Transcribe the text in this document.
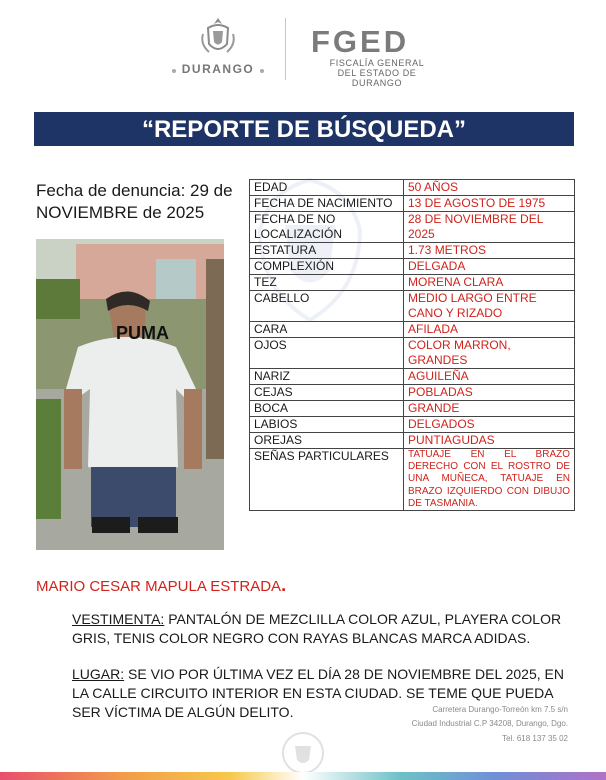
DURANGO
FGED
FISCALÍA GENERAL
DEL ESTADO DE DURANGO
“REPORTE DE BÚSQUEDA”
Fecha de denuncia: 29 de NOVIEMBRE de 2025
PUMA
EDAD	50 AÑOS
FECHA DE NACIMIENTO	13 DE AGOSTO DE 1975
FECHA DE NO LOCALIZACIÓN	28 DE NOVIEMBRE DEL 2025
ESTATURA	1.73 METROS
COMPLEXIÓN	DELGADA
TEZ	MORENA CLARA
CABELLO	MEDIO LARGO ENTRE CANO Y RIZADO
CARA	AFILADA
OJOS	COLOR MARRON, GRANDES
NARIZ	AGUILEÑA
CEJAS	POBLADAS
BOCA	GRANDE
LABIOS	DELGADOS
OREJAS	PUNTIAGUDAS
SEÑAS PARTICULARES	TATUAJE EN EL BRAZO DERECHO CON EL ROSTRO DE UNA MUÑECA, TATUAJE EN BRAZO IZQUIERDO CON DIBUJO DE TASMANIA.
MARIO CESAR MAPULA ESTRADA.
VESTIMENTA: PANTALÓN DE MEZCLILLA COLOR AZUL, PLAYERA COLOR GRIS, TENIS COLOR NEGRO CON RAYAS BLANCAS MARCA ADIDAS.
LUGAR: SE VIO POR ÚLTIMA VEZ EL DÍA 28 DE NOVIEMBRE DEL 2025, EN LA CALLE CIRCUITO INTERIOR EN ESTA CIUDAD. SE TEME QUE PUEDA SER VÍCTIMA DE ALGÚN DELITO.	Carretera Durango-Torreón km 7.5 s/n
Ciudad Industrial C.P 34208, Durango, Dgo.
Tel. 618 137 35 02
